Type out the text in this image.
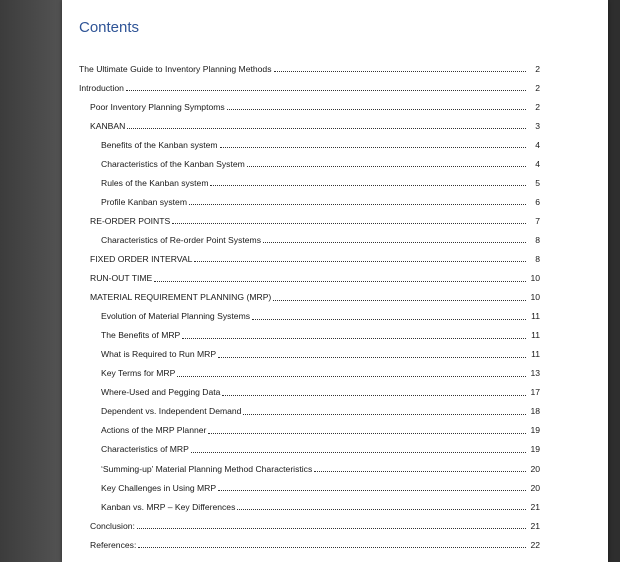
Contents
The Ultimate Guide to Inventory Planning Methods	2
Introduction	2
Poor Inventory Planning Symptoms	2
KANBAN	3
Benefits of the Kanban system	4
Characteristics of the Kanban System	4
Rules of the Kanban system	5
Profile Kanban system	6
RE-ORDER POINTS	7
Characteristics of Re-order Point Systems	8
FIXED ORDER INTERVAL	8
RUN-OUT TIME	10
MATERIAL REQUIREMENT PLANNING (MRP)	10
Evolution of Material Planning Systems	11
The Benefits of MRP	11
What is Required to Run MRP	11
Key Terms for MRP	13
Where-Used and Pegging Data	17
Dependent vs. Independent Demand	18
Actions of the MRP Planner	19
Characteristics of MRP	19
‘Summing-up’ Material Planning Method Characteristics	20
Key Challenges in Using MRP	20
Kanban vs. MRP – Key Differences	21
Conclusion:	21
References:	22
